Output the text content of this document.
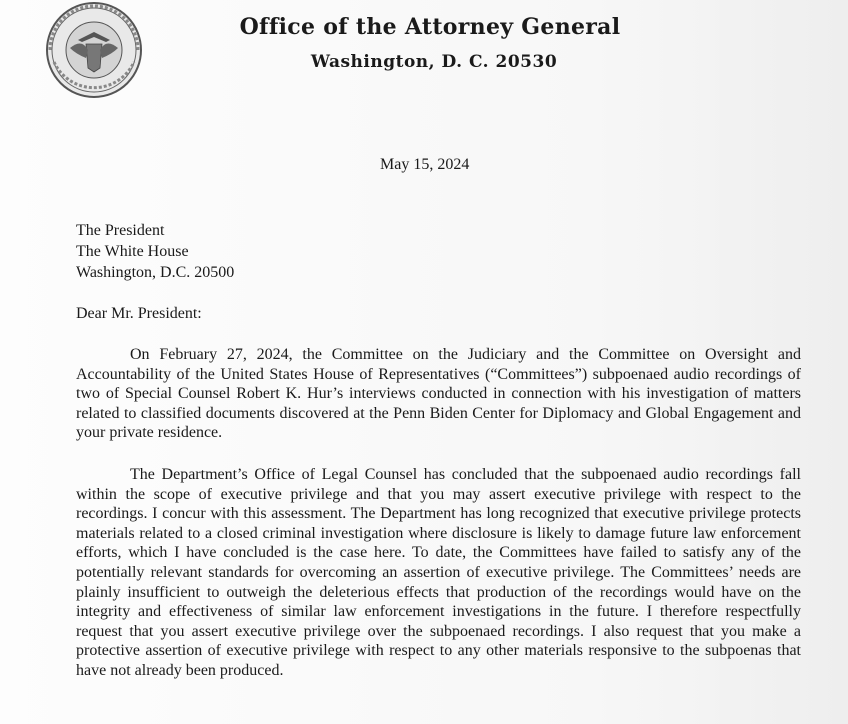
Office of the Attorney General
Washington, D. C. 20530
May 15, 2024
The President
The White House
Washington, D.C. 20500
Dear Mr. President:
On February 27, 2024, the Committee on the Judiciary and the Committee on Oversight and Accountability of the United States House of Representatives (“Committees”) subpoenaed audio recordings of two of Special Counsel Robert K. Hur’s interviews conducted in connection with his investigation of matters related to classified documents discovered at the Penn Biden Center for Diplomacy and Global Engagement and your private residence.
The Department’s Office of Legal Counsel has concluded that the subpoenaed audio recordings fall within the scope of executive privilege and that you may assert executive privilege with respect to the recordings. I concur with this assessment. The Department has long recognized that executive privilege protects materials related to a closed criminal investigation where disclosure is likely to damage future law enforcement efforts, which I have concluded is the case here. To date, the Committees have failed to satisfy any of the potentially relevant standards for overcoming an assertion of executive privilege. The Committees’ needs are plainly insufficient to outweigh the deleterious effects that production of the recordings would have on the integrity and effectiveness of similar law enforcement investigations in the future. I therefore respectfully request that you assert executive privilege over the subpoenaed recordings. I also request that you make a protective assertion of executive privilege with respect to any other materials responsive to the subpoenas that have not already been produced.
